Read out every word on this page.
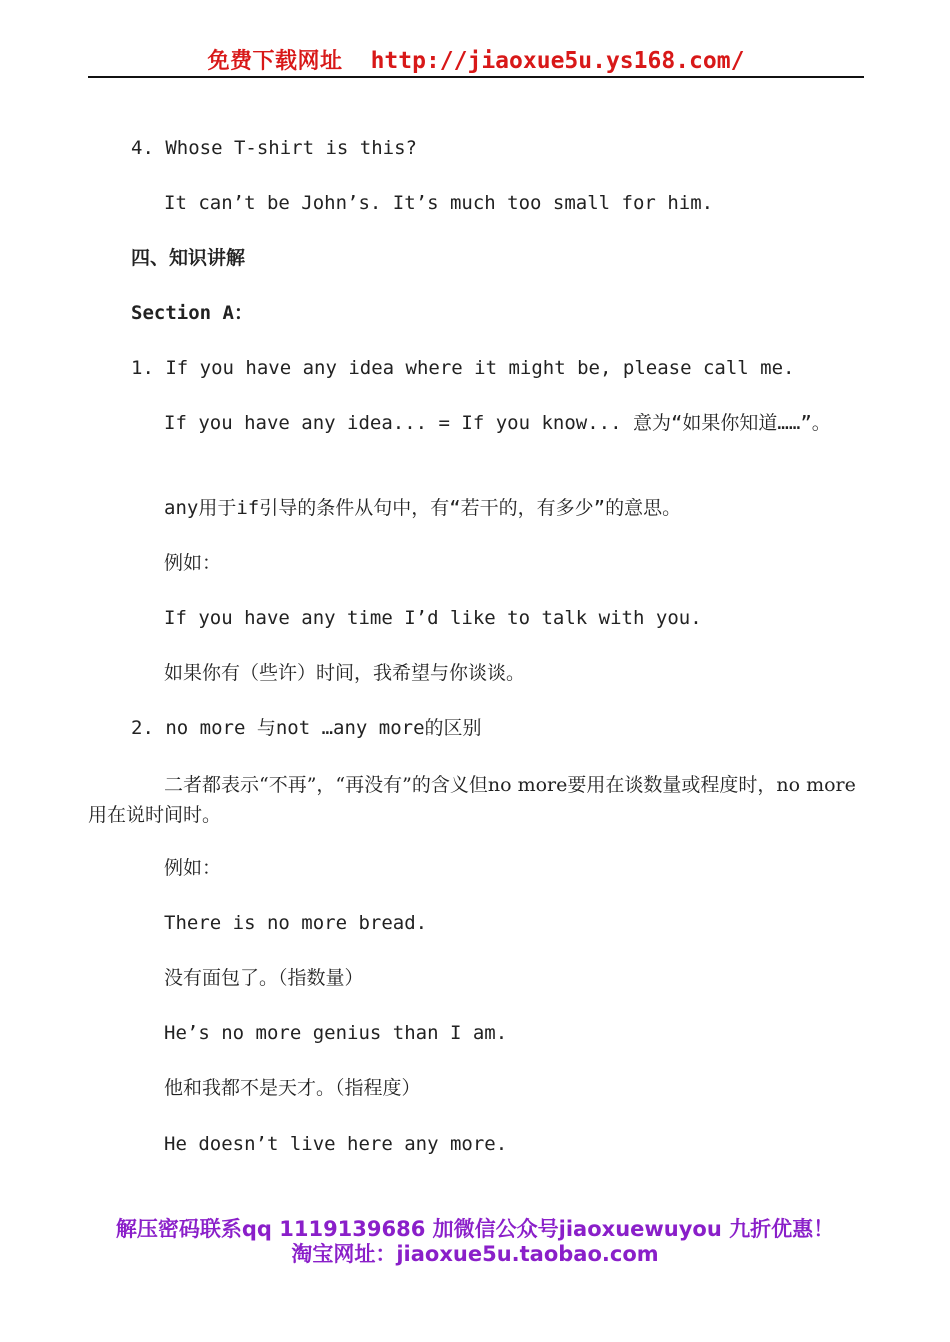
免费下载网址 http://jiaoxue5u.ys168.com/
4. Whose T-shirt is this?
It can’t be John’s. It’s much too small for him.
四、知识讲解
Section A：
1. If you have any idea where it might be, please call me.
If you have any idea... = If you know... 意为“如果你知道……”。
any用于if引导的条件从句中，有“若干的，有多少”的意思。
例如：
If you have any time I’d like to talk with you.
如果你有（些许）时间，我希望与你谈谈。
2. no more 与not …any more的区别
二者都表示“不再”，“再没有”的含义但no more要用在谈数量或程度时，no more用在说时间时。
例如：
There is no more bread.
没有面包了。（指数量）
He’s no more genius than I am.
他和我都不是天才。（指程度）
He doesn’t live here any more.
解压密码联系qq 1119139686 加微信公众号jiaoxuewuyou 九折优惠！
淘宝网址：jiaoxue5u.taobao.com
